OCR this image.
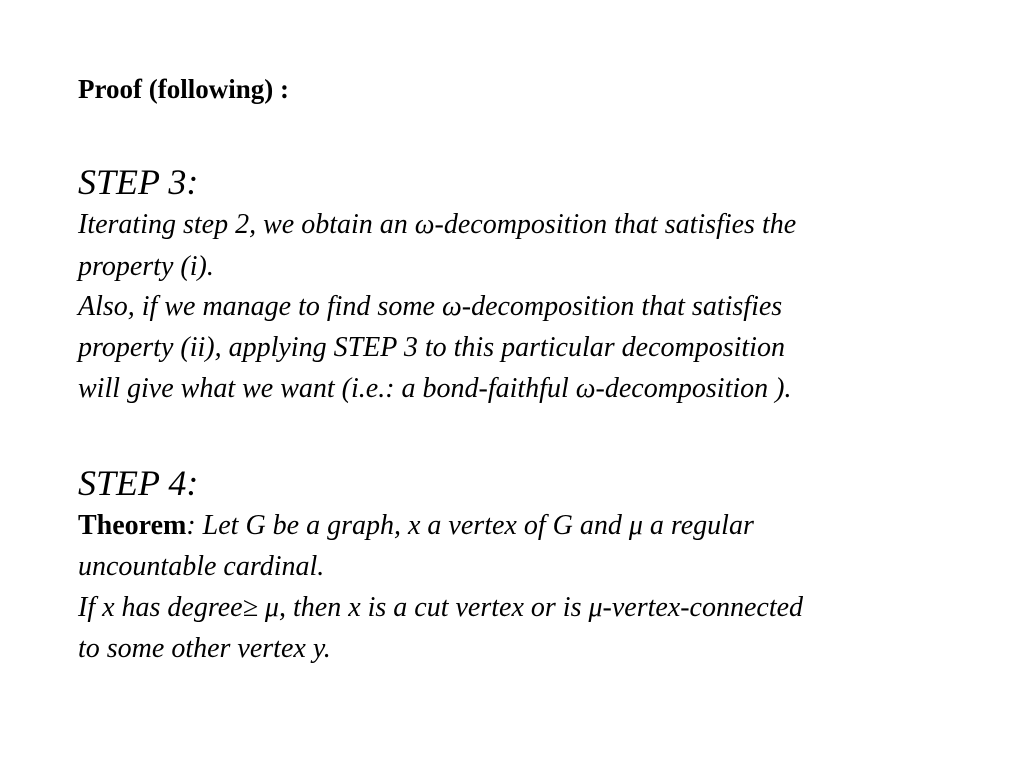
Proof (following) :
STEP 3:
Iterating step 2, we obtain an ω-decomposition that satisfies the
property (i).
Also, if we manage to find some ω-decomposition that satisfies
property (ii), applying STEP 3 to this particular decomposition
will give what we want (i.e.: a bond-faithful ω-decomposition ).
STEP 4:
Theorem: Let G be a graph, x a vertex of G and μ a regular
uncountable cardinal.
If x has degree≥ μ, then x is a cut vertex or is μ-vertex-connected
to some other vertex y.
